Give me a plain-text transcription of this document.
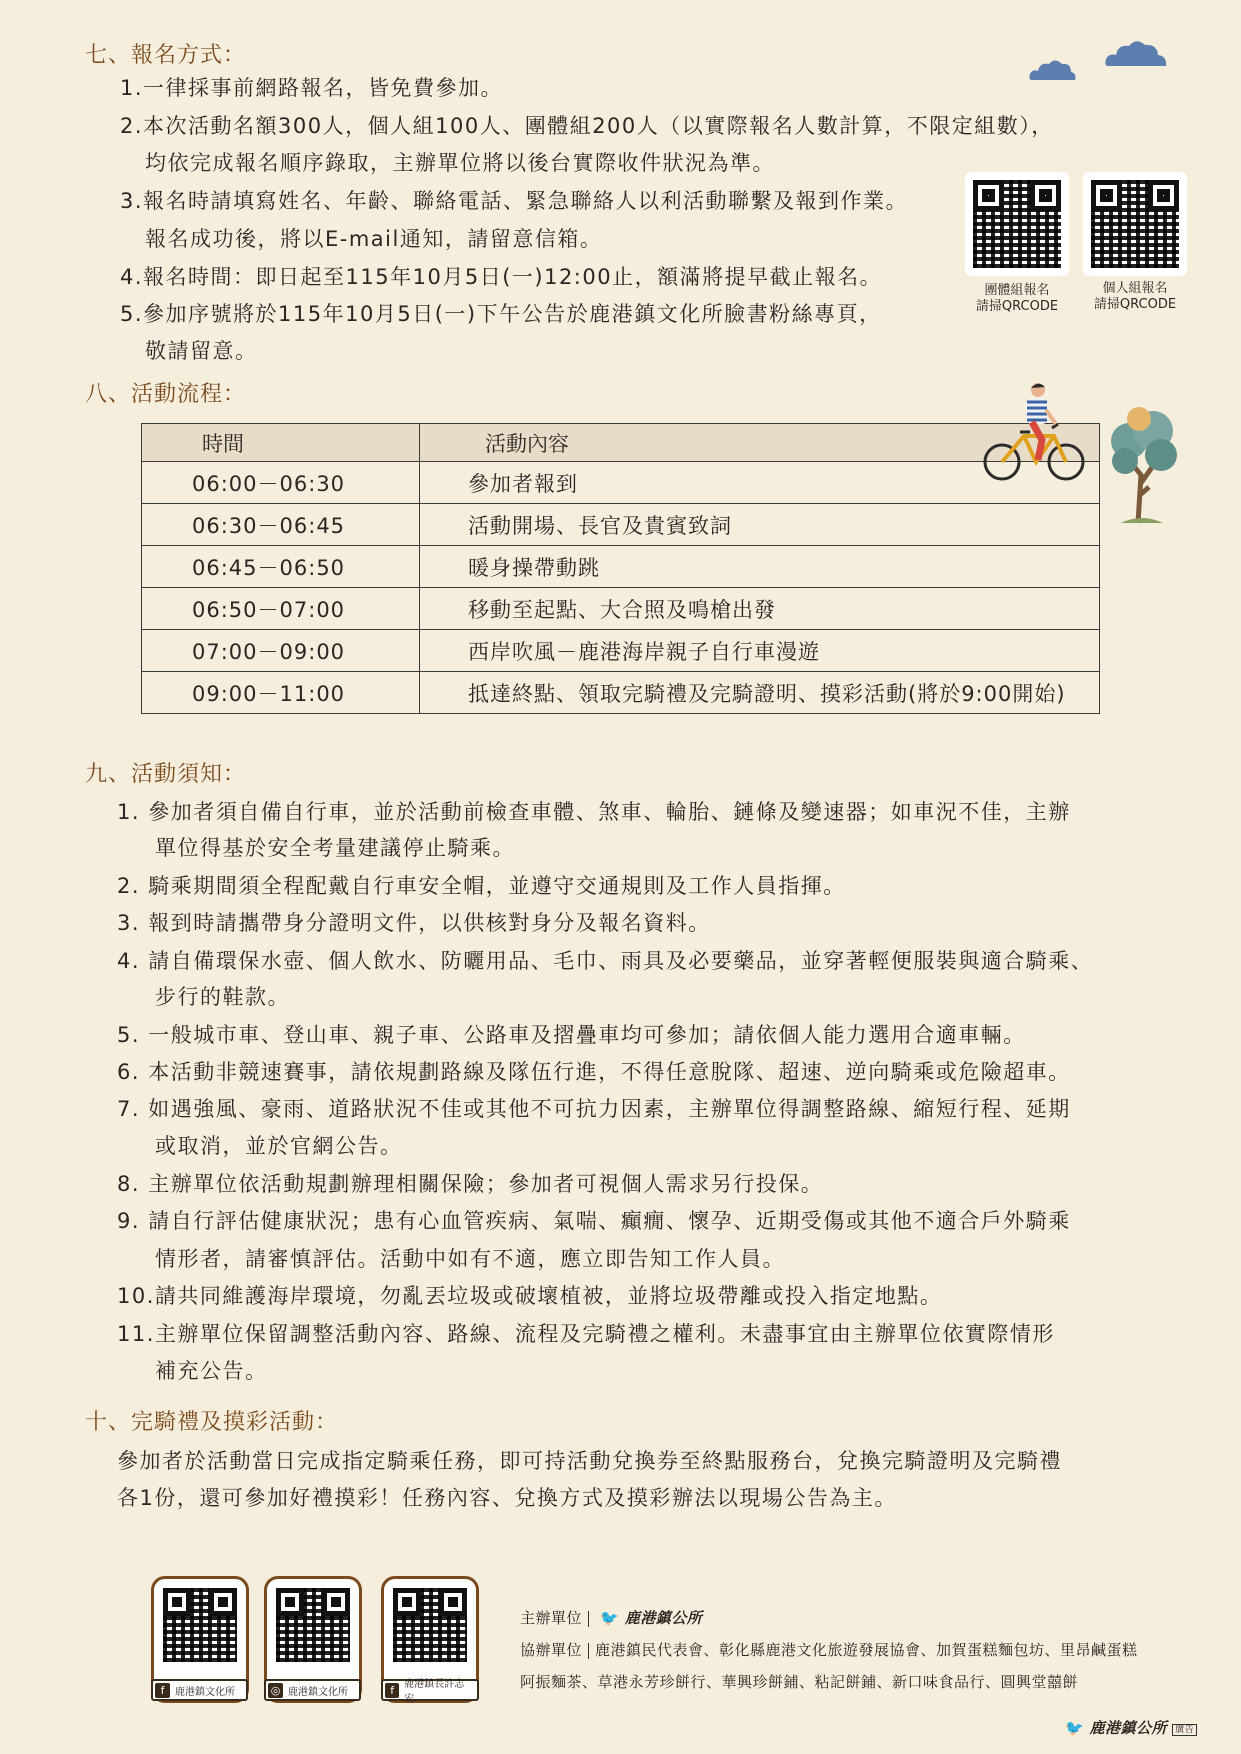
七、報名方式：
1.一律採事前網路報名，皆免費參加。
2.本次活動名額300人，個人組100人、團體組200人（以實際報名人數計算，不限定組數），
均依完成報名順序錄取，主辦單位將以後台實際收件狀況為準。
3.報名時請填寫姓名、年齡、聯絡電話、緊急聯絡人以利活動聯繫及報到作業。
報名成功後，將以E-mail通知，請留意信箱。
4.報名時間：即日起至115年10月5日(一)12:00止，額滿將提早截止報名。
5.參加序號將於115年10月5日(一)下午公告於鹿港鎮文化所臉書粉絲專頁，
敬請留意。
團體組報名
請掃QRCODE
個人組報名
請掃QRCODE
八、活動流程：
時間	活動內容
06:00－06:30	參加者報到
06:30－06:45	活動開場、長官及貴賓致詞
06:45－06:50	暖身操帶動跳
06:50－07:00	移動至起點、大合照及鳴槍出發
07:00－09:00	西岸吹風－鹿港海岸親子自行車漫遊
09:00－11:00	抵達終點、領取完騎禮及完騎證明、摸彩活動(將於9:00開始)
九、活動須知：
1. 參加者須自備自行車，並於活動前檢查車體、煞車、輪胎、鏈條及變速器；如車況不佳，主辦
單位得基於安全考量建議停止騎乘。
2. 騎乘期間須全程配戴自行車安全帽，並遵守交通規則及工作人員指揮。
3. 報到時請攜帶身分證明文件，以供核對身分及報名資料。
4. 請自備環保水壺、個人飲水、防曬用品、毛巾、雨具及必要藥品，並穿著輕便服裝與適合騎乘、
步行的鞋款。
5. 一般城市車、登山車、親子車、公路車及摺疊車均可參加；請依個人能力選用合適車輛。
6. 本活動非競速賽事，請依規劃路線及隊伍行進，不得任意脫隊、超速、逆向騎乘或危險超車。
7. 如遇強風、豪雨、道路狀況不佳或其他不可抗力因素，主辦單位得調整路線、縮短行程、延期
或取消，並於官網公告。
8. 主辦單位依活動規劃辦理相關保險；參加者可視個人需求另行投保。
9. 請自行評估健康狀況；患有心血管疾病、氣喘、癲癇、懷孕、近期受傷或其他不適合戶外騎乘
情形者，請審慎評估。活動中如有不適，應立即告知工作人員。
10.請共同維護海岸環境，勿亂丟垃圾或破壞植被，並將垃圾帶離或投入指定地點。
11.主辦單位保留調整活動內容、路線、流程及完騎禮之權利。未盡事宜由主辦單位依實際情形
補充公告。
十、完騎禮及摸彩活動：
參加者於活動當日完成指定騎乘任務，即可持活動兌換券至終點服務台，兌換完騎證明及完騎禮
各1份，還可參加好禮摸彩！任務內容、兌換方式及摸彩辦法以現場公告為主。
f	鹿港鎮文化所	◎ 鹿港鎮文化所	f	鹿港鎮長許志宏
主辦單位 🐦 鹿港鎮公所
協辦單位 鹿港鎮民代表會、彰化縣鹿港文化旅遊發展協會、加賀蛋糕麵包坊、里昂鹹蛋糕
阿振麵茶、草港永芳珍餅行、華興珍餅鋪、粘記餅鋪、新口味食品行、圓興堂囍餅
🐦 鹿港鎮公所 廣告
